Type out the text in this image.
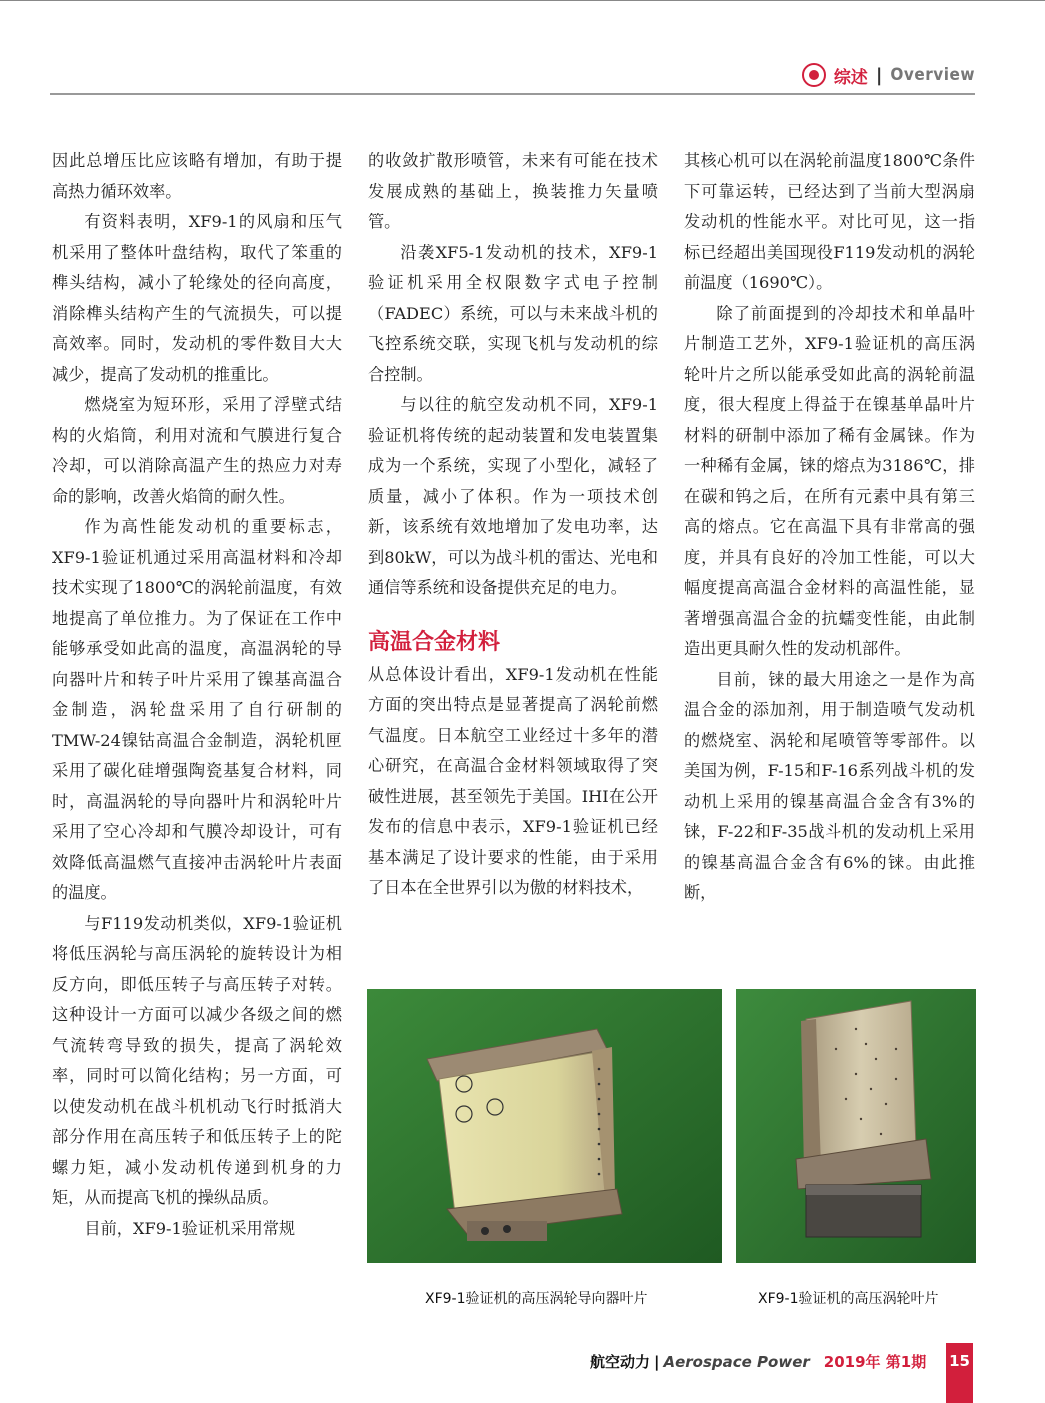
综述 | Overview

因此总增压比应该略有增加，有助于提高热力循环效率。

有资料表明，XF9-1的风扇和压气机采用了整体叶盘结构，取代了笨重的榫头结构，减小了轮缘处的径向高度，消除榫头结构产生的气流损失，可以提高效率。同时，发动机的零件数目大大减少，提高了发动机的推重比。

燃烧室为短环形，采用了浮壁式结构的火焰筒，利用对流和气膜进行复合冷却，可以消除高温产生的热应力对寿命的影响，改善火焰筒的耐久性。

作为高性能发动机的重要标志，XF9-1验证机通过采用高温材料和冷却技术实现了1800℃的涡轮前温度，有效地提高了单位推力。为了保证在工作中能够承受如此高的温度，高温涡轮的导向器叶片和转子叶片采用了镍基高温合金制造，涡轮盘采用了自行研制的TMW-24镍钴高温合金制造，涡轮机匣采用了碳化硅增强陶瓷基复合材料，同时，高温涡轮的导向器叶片和涡轮叶片采用了空心冷却和气膜冷却设计，可有效降低高温燃气直接冲击涡轮叶片表面的温度。

与F119发动机类似，XF9-1验证机将低压涡轮与高压涡轮的旋转设计为相反方向，即低压转子与高压转子对转。这种设计一方面可以减少各级之间的燃气流转弯导致的损失，提高了涡轮效率，同时可以简化结构；另一方面，可以使发动机在战斗机机动飞行时抵消大部分作用在高压转子和低压转子上的陀螺力矩，减小发动机传递到机身的力矩，从而提高飞机的操纵品质。

目前，XF9-1验证机采用常规

的收敛扩散形喷管，未来有可能在技术发展成熟的基础上，换装推力矢量喷管。

沿袭XF5-1发动机的技术，XF9-1验证机采用全权限数字式电子控制（FADEC）系统，可以与未来战斗机的飞控系统交联，实现飞机与发动机的综合控制。

与以往的航空发动机不同，XF9-1验证机将传统的起动装置和发电装置集成为一个系统，实现了小型化，减轻了质量，减小了体积。作为一项技术创新，该系统有效地增加了发电功率，达到80kW，可以为战斗机的雷达、光电和通信等系统和设备提供充足的电力。

高温合金材料

从总体设计看出，XF9-1发动机在性能方面的突出特点是显著提高了涡轮前燃气温度。日本航空工业经过十多年的潜心研究，在高温合金材料领域取得了突破性进展，甚至领先于美国。IHI在公开发布的信息中表示，XF9-1验证机已经基本满足了设计要求的性能，由于采用了日本在全世界引以为傲的材料技术，

其核心机可以在涡轮前温度1800℃条件下可靠运转，已经达到了当前大型涡扇发动机的性能水平。对比可见，这一指标已经超出美国现役F119发动机的涡轮前温度（1690℃）。

除了前面提到的冷却技术和单晶叶片制造工艺外，XF9-1验证机的高压涡轮叶片之所以能承受如此高的涡轮前温度，很大程度上得益于在镍基单晶叶片材料的研制中添加了稀有金属铼。作为一种稀有金属，铼的熔点为3186℃，排在碳和钨之后，在所有元素中具有第三高的熔点。它在高温下具有非常高的强度，并具有良好的冷加工性能，可以大幅度提高高温合金材料的高温性能，显著增强高温合金的抗蠕变性能，由此制造出更具耐久性的发动机部件。

目前，铼的最大用途之一是作为高温合金的添加剂，用于制造喷气发动机的燃烧室、涡轮和尾喷管等零部件。以美国为例，F-15和F-16系列战斗机的发动机上采用的镍基高温合金含有3%的铼，F-22和F-35战斗机的发动机上采用的镍基高温合金含有6%的铼。由此推断，

XF9-1验证机的高压涡轮导向器叶片	XF9-1验证机的高压涡轮叶片
航空动力 | Aerospace Power 2019年 第1期 15
